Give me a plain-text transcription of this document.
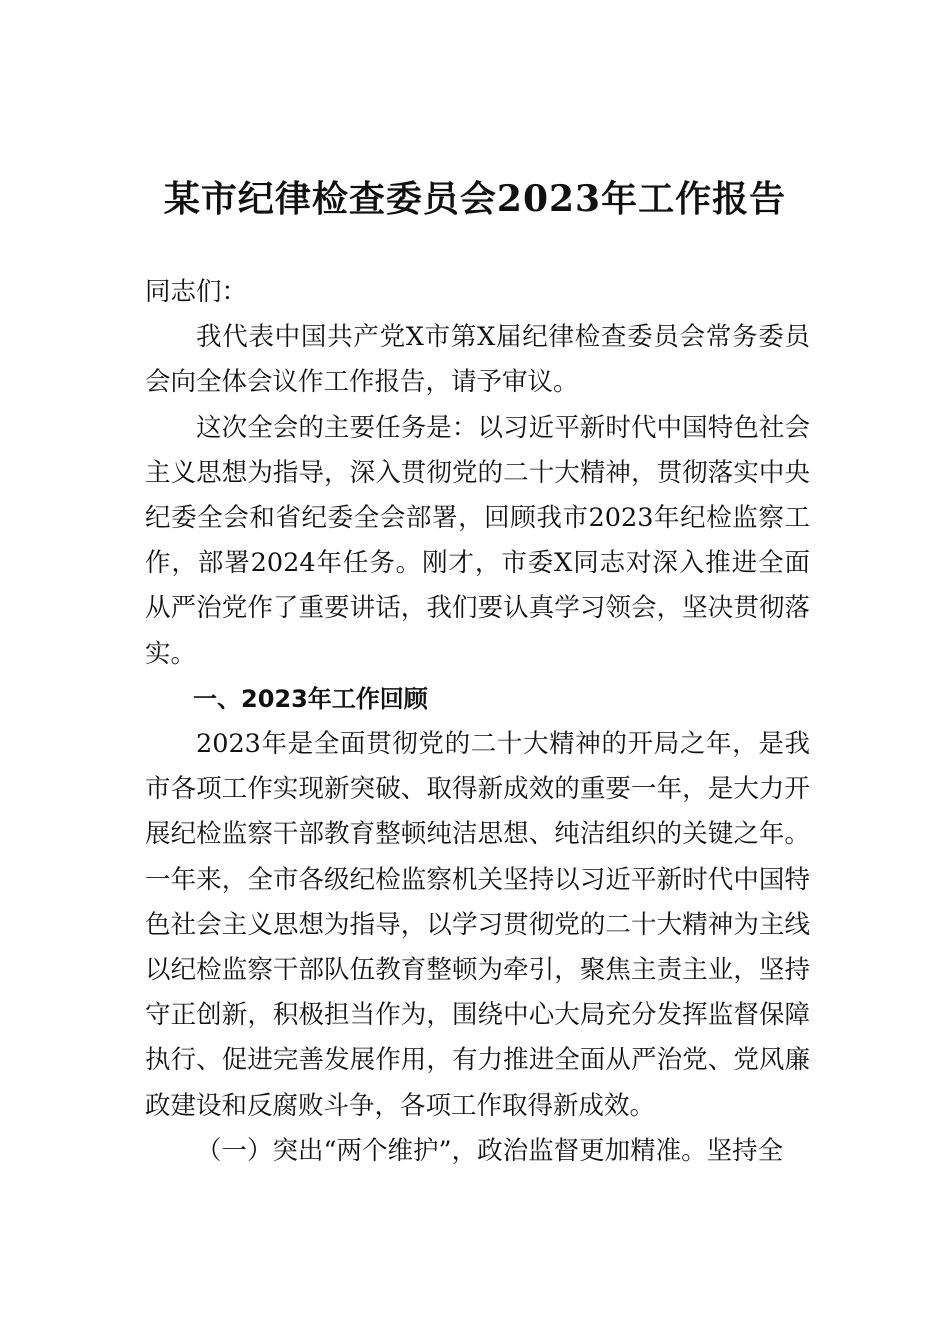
某市纪律检查委员会2023年工作报告

同志们：

我代表中国共产党X市第X届纪律检查委员会常务委员会向全体会议作工作报告，请予审议。

这次全会的主要任务是：以习近平新时代中国特色社会主义思想为指导，深入贯彻党的二十大精神，贯彻落实中央纪委全会和省纪委全会部署，回顾我市2023年纪检监察工作，部署2024年任务。刚才，市委X同志对深入推进全面从严治党作了重要讲话，我们要认真学习领会，坚决贯彻落实。

一、2023年工作回顾

2023年是全面贯彻党的二十大精神的开局之年，是我市各项工作实现新突破、取得新成效的重要一年，是大力开展纪检监察干部教育整顿纯洁思想、纯洁组织的关键之年。一年来，全市各级纪检监察机关坚持以习近平新时代中国特色社会主义思想为指导，以学习贯彻党的二十大精神为主线以纪检监察干部队伍教育整顿为牵引，聚焦主责主业，坚持守正创新，积极担当作为，围绕中心大局充分发挥监督保障执行、促进完善发展作用，有力推进全面从严治党、党风廉政建设和反腐败斗争，各项工作取得新成效。

（一）突出“两个维护”，政治监督更加精准。坚持全
